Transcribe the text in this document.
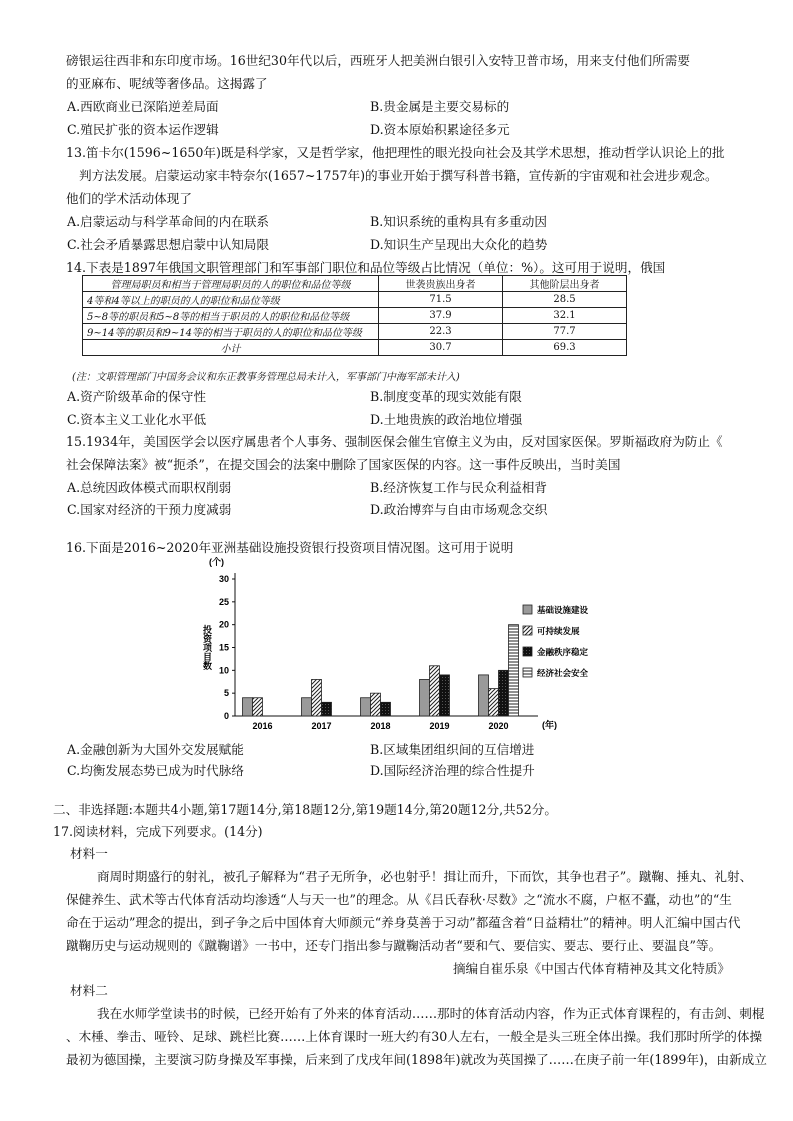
磅银运往西非和东印度市场。16世纪30年代以后，西班牙人把美洲白银引入安特卫普市场，用来支付他们所需要
的亚麻布、呢绒等奢侈品。这揭露了
A.西欧商业已深陷逆差局面	B.贵金属是主要交易标的
C.殖民扩张的资本运作逻辑	D.资本原始积累途径多元
13.笛卡尔(1596~1650年)既是科学家，又是哲学家，他把理性的眼光投向社会及其学术思想，推动哲学认识论上的批
判方法发展。启蒙运动家丰特奈尔(1657~1757年)的事业开始于撰写科普书籍，宣传新的宇宙观和社会进步观念。
他们的学术活动体现了
A.启蒙运动与科学革命间的内在联系	B.知识系统的重构具有多重动因
C.社会矛盾暴露思想启蒙中认知局限	D.知识生产呈现出大众化的趋势
14.下表是1897年俄国文职管理部门和军事部门职位和品位等级占比情况（单位：%）。这可用于说明，俄国
管理局职员和相当于管理局职员的人的职位和品位等级	世袭贵族出身者	其他阶层出身者
4等和4等以上的职员的人的职位和品位等级	71.5	28.5
5~8等的职员和5~8等的相当于职员的人的职位和品位等级	37.9	32.1
9~14等的职员和9~14等的相当于职员的人的职位和品位等级	22.3	77.7
小计	30.7	69.3
(注：文职管理部门中国务会议和东正教事务管理总局未计入，军事部门中海军部未计入)
A.资产阶级革命的保守性	B.制度变革的现实效能有限
C.资本主义工业化水平低	D.土地贵族的政治地位增强
15.1934年，美国医学会以医疗属患者个人事务、强制医保会催生官僚主义为由，反对国家医保。罗斯福政府为防止《
社会保障法案》被“扼杀”，在提交国会的法案中删除了国家医保的内容。这一事件反映出，当时美国
A.总统因政体模式而职权削弱	B.经济恢复工作与民众利益相背
C.国家对经济的干预力度减弱	D.政治博弈与自由市场观念交织
16.下面是2016~2020年亚洲基础设施投资银行投资项目情况图。这可用于说明
0
5
10
15
20
25
30
(个)
投资项目数
(年)
2016	2017	2018	2019	2020
基础设施建设
可持续发展
金融秩序稳定
经济社会安全
A.金融创新为大国外交发展赋能	B.区域集团组织间的互信增进
C.均衡发展态势已成为时代脉络	D.国际经济治理的综合性提升
二、非选择题:本题共4小题,第17题14分,第18题12分,第19题14分,第20题12分,共52分。
17.阅读材料，完成下列要求。(14分)
材料一
商周时期盛行的射礼，被孔子解释为“君子无所争，必也射乎！揖让而升，下而饮，其争也君子”。蹴鞠、捶丸、礼射、
保健养生、武术等古代体育活动均渗透“人与天一也”的理念。从《吕氏春秋·尽数》之“流水不腐，户枢不蠹，动也”的“生
命在于运动”理念的提出，到孑争之后中国体育大师颜元“养身莫善于习动”都蕴含着“日益精壮”的精神。明人汇编中国古代
蹴鞠历史与运动规则的《蹴鞠谱》一书中，还专门指出参与蹴鞠活动者“要和气、要信实、要志、要行止、要温良”等。
摘编自崔乐泉《中国古代体育精神及其文化特质》
材料二
我在水师学堂读书的时候，已经开始有了外来的体育活动……那时的体育活动内容，作为正式体育课程的，有击剑、刺棍
、木棰、拳击、哑铃、足球、跳栏比赛……上体育课时一班大约有30人左右，一般全是头三班全体出操。我们那时所学的体操
最初为德国操，主要演习防身操及军事操，后来到了戊戌年间(1898年)就改为英国操了……在庚子前一年(1899年)，由新成立
